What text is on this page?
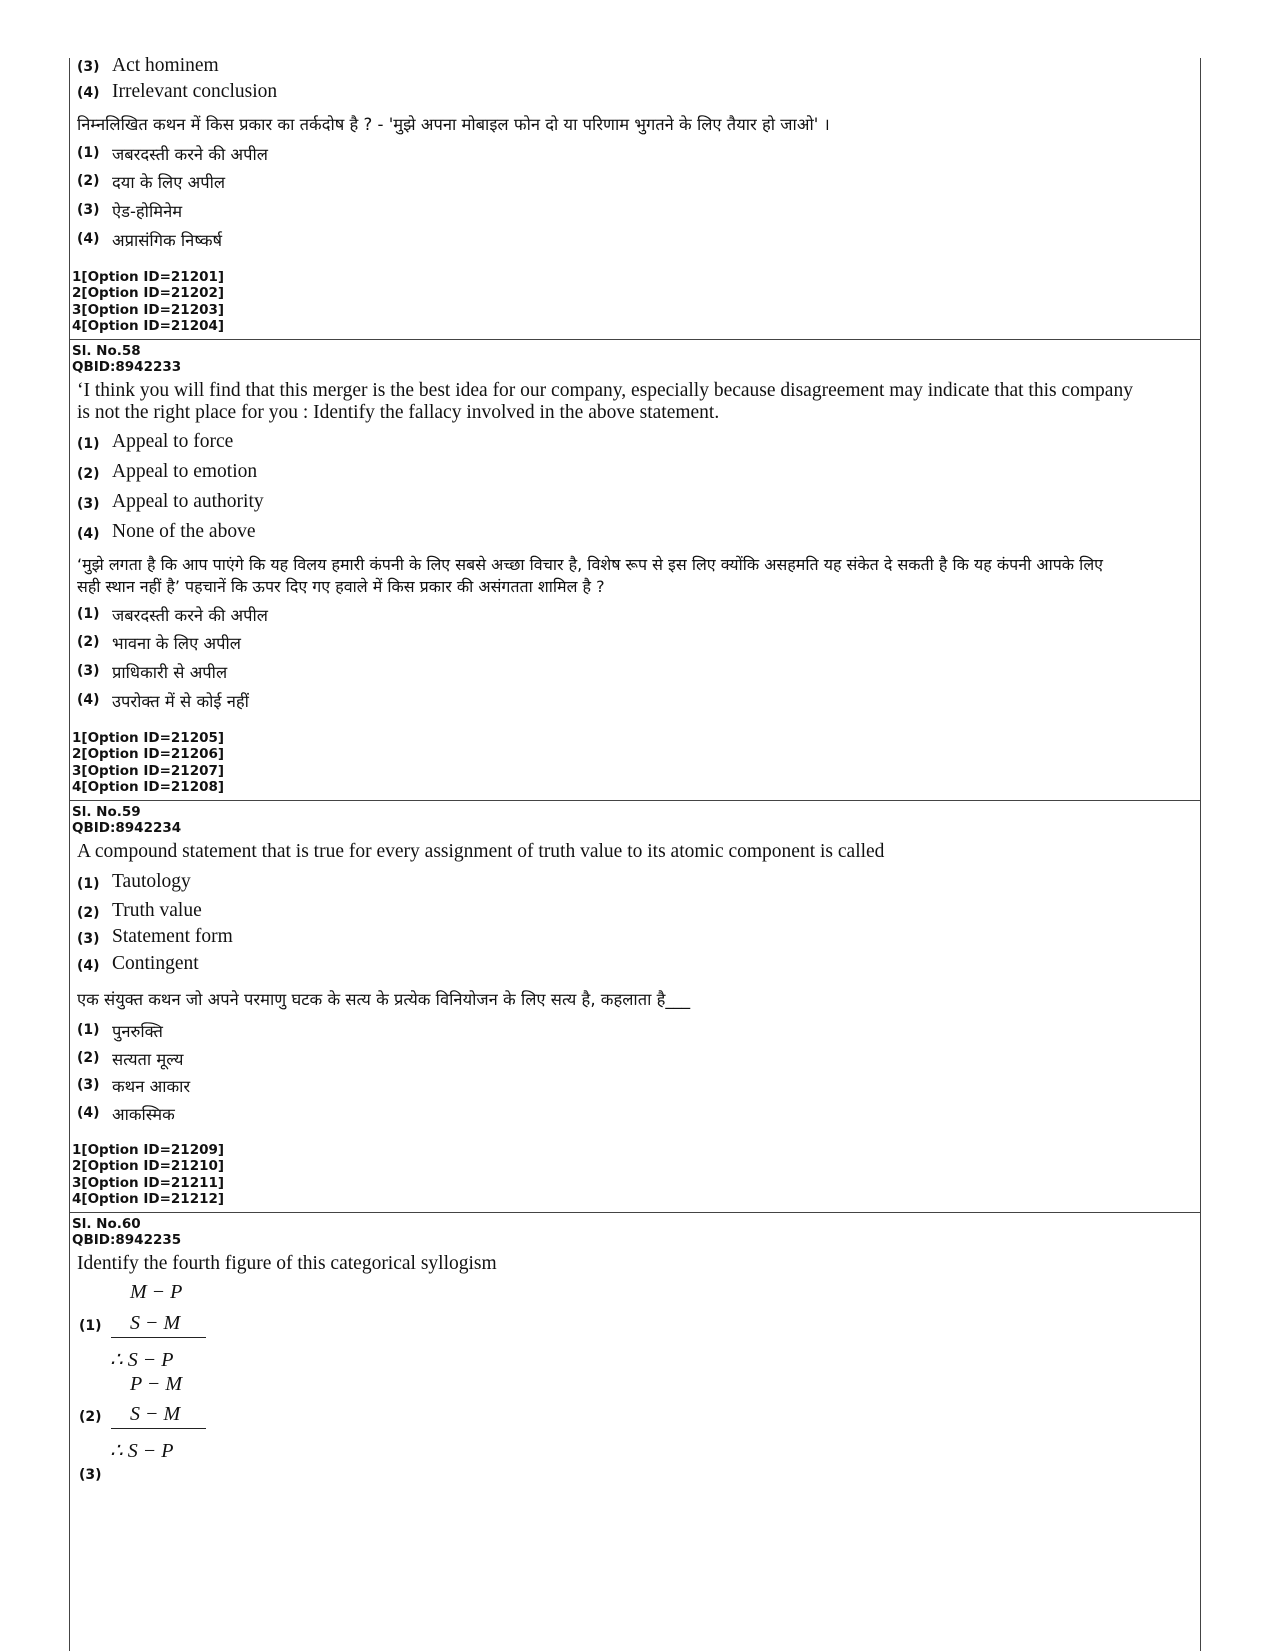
(3) Act hominem
(4) Irrelevant conclusion
निम्नलिखित कथन में किस प्रकार का तर्कदोष है ? - 'मुझे अपना मोबाइल फोन दो या परिणाम भुगतने के लिए तैयार हो जाओ' ।
(1) जबरदस्ती करने की अपील
(2) दया के लिए अपील
(3) ऐड-होमिनेम
(4) अप्रासंगिक निष्कर्ष
1[Option ID=21201]
2[Option ID=21202]
3[Option ID=21203]
4[Option ID=21204]
Sl. No.58
QBID:8942233
‘I think you will find that this merger is the best idea for our company, especially because disagreement may indicate that this company
is not the right place for you : Identify the fallacy involved in the above statement.
(1) Appeal to force
(2) Appeal to emotion
(3) Appeal to authority
(4) None of the above
‘मुझे लगता है कि आप पाएंगे कि यह विलय हमारी कंपनी के लिए सबसे अच्छा विचार है, विशेष रूप से इस लिए क्योंकि असहमति यह संकेत दे सकती है कि यह कंपनी आपके लिए
सही स्थान नहीं है’ पहचानें कि ऊपर दिए गए हवाले में किस प्रकार की असंगतता शामिल है ?
(1) जबरदस्ती करने की अपील
(2) भावना के लिए अपील
(3) प्राधिकारी से अपील
(4) उपरोक्त में से कोई नहीं
1[Option ID=21205]
2[Option ID=21206]
3[Option ID=21207]
4[Option ID=21208]
Sl. No.59
QBID:8942234
A compound statement that is true for every assignment of truth value to its atomic component is called
(1) Tautology
(2) Truth value
(3) Statement form
(4) Contingent
एक संयुक्त कथन जो अपने परमाणु घटक के सत्य के प्रत्येक विनियोजन के लिए सत्य है, कहलाता है___
(1) पुनरुक्ति
(2) सत्यता मूल्य
(3) कथन आकार
(4) आकस्मिक
1[Option ID=21209]
2[Option ID=21210]
3[Option ID=21211]
4[Option ID=21212]
Sl. No.60
QBID:8942235
Identify the fourth figure of this categorical syllogism
M − P
(1) S − M
∴ S − P
P − M
(2) S − M
∴ S − P
(3)
